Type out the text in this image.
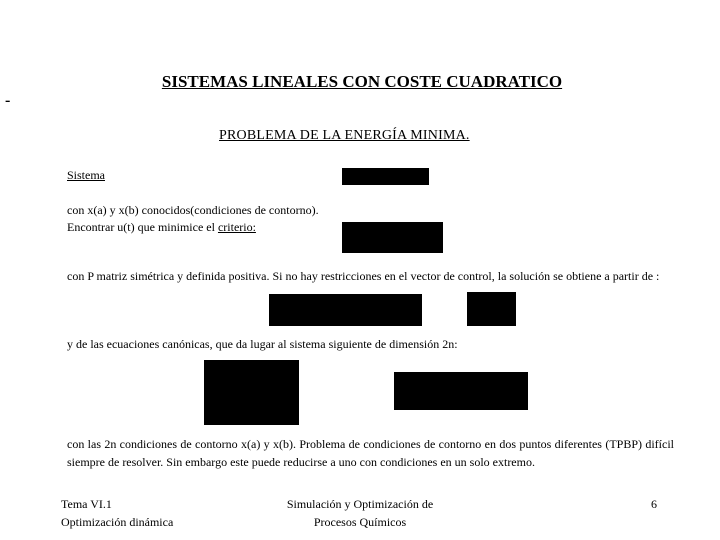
SISTEMAS LINEALES CON COSTE CUADRATICO
-
PROBLEMA DE LA ENERGÍA MINIMA.
Sistema
con x(a) y x(b) conocidos(condiciones de contorno).
Encontrar u(t) que minimice el criterio:
con P matriz simétrica y definida positiva. Si no hay restricciones en el vector de control, la solución se obtiene a partir de :
y de las ecuaciones canónicas, que da lugar al sistema siguiente de dimensión 2n:
con las 2n condiciones de contorno x(a) y x(b). Problema de condiciones de contorno en dos puntos diferentes (TPBP) difícil siempre de resolver. Sin embargo este puede reducirse a uno con condiciones en un solo extremo.
Tema VI.1
Optimización dinámica
Simulación y Optimización de
Procesos Químicos
6
